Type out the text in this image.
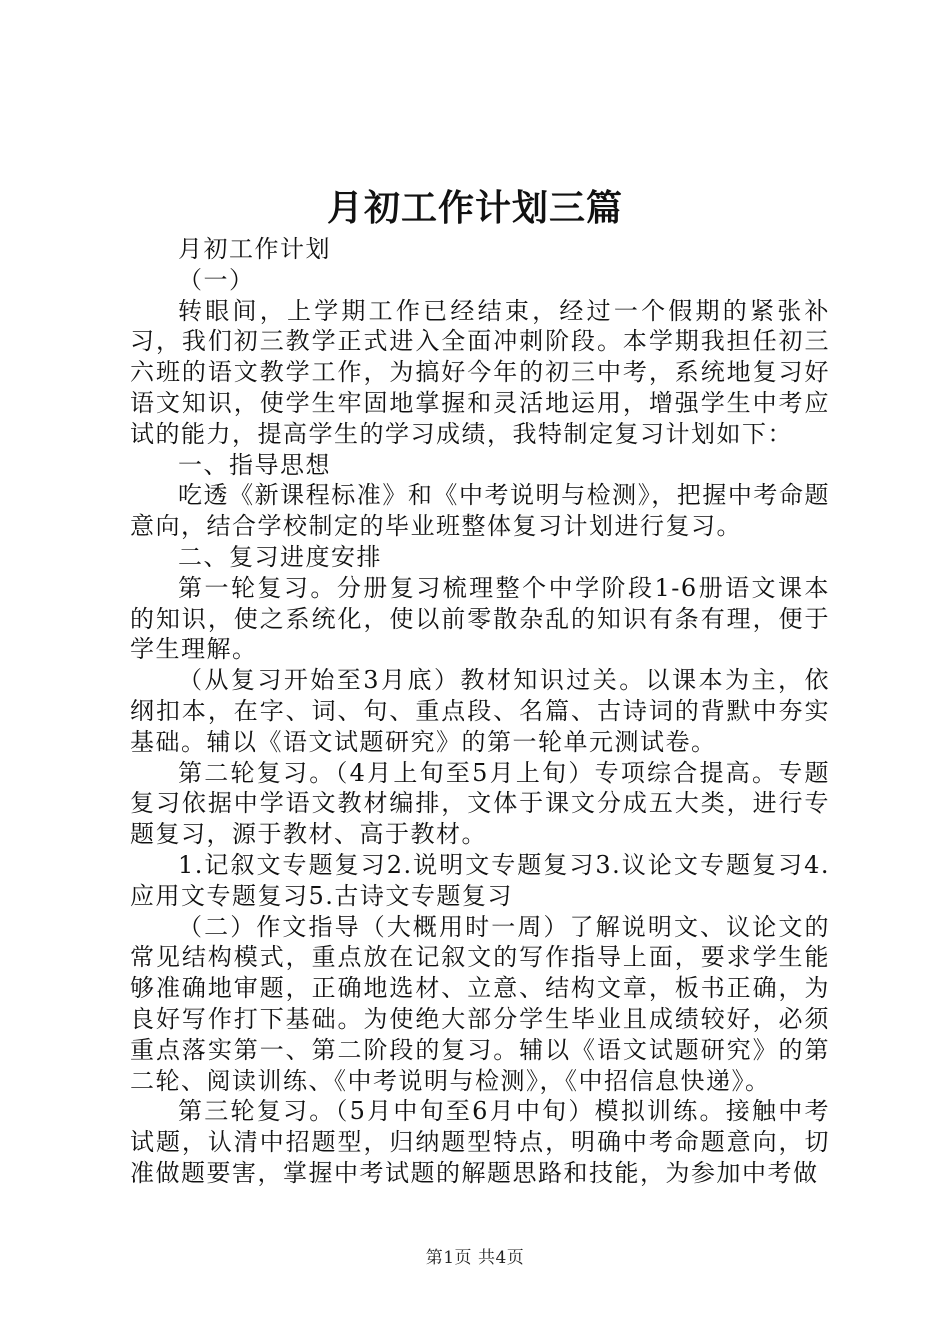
月初工作计划三篇

月初工作计划

（一）

转眼间，上学期工作已经结束，经过一个假期的紧张补习，我们初三教学正式进入全面冲刺阶段。本学期我担任初三六班的语文教学工作，为搞好今年的初三中考，系统地复习好语文知识，使学生牢固地掌握和灵活地运用，增强学生中考应试的能力，提高学生的学习成绩，我特制定复习计划如下：

一、指导思想

吃透《新课程标准》和《中考说明与检测》，把握中考命题意向，结合学校制定的毕业班整体复习计划进行复习。

二、复习进度安排

第一轮复习。分册复习梳理整个中学阶段1-6册语文课本的知识，使之系统化，使以前零散杂乱的知识有条有理，便于学生理解。

（从复习开始至3月底）教材知识过关。以课本为主，依纲扣本，在字、词、句、重点段、名篇、古诗词的背默中夯实基础。辅以《语文试题研究》的第一轮单元测试卷。

第二轮复习。（4月上旬至5月上旬）专项综合提高。专题复习依据中学语文教材编排，文体于课文分成五大类，进行专题复习，源于教材、高于教材。

1.记叙文专题复习2.说明文专题复习3.议论文专题复习4.应用文专题复习5.古诗文专题复习

（二）作文指导（大概用时一周）了解说明文、议论文的常见结构模式，重点放在记叙文的写作指导上面，要求学生能够准确地审题，正确地选材、立意、结构文章，板书正确，为良好写作打下基础。为使绝大部分学生毕业且成绩较好，必须重点落实第一、第二阶段的复习。辅以《语文试题研究》的第二轮、阅读训练、《中考说明与检测》，《中招信息快递》。

第三轮复习。（5月中旬至6月中旬）模拟训练。接触中考试题，认清中招题型，归纳题型特点，明确中考命题意向，切准做题要害，掌握中考试题的解题思路和技能，为参加中考做

第1页 共4页
